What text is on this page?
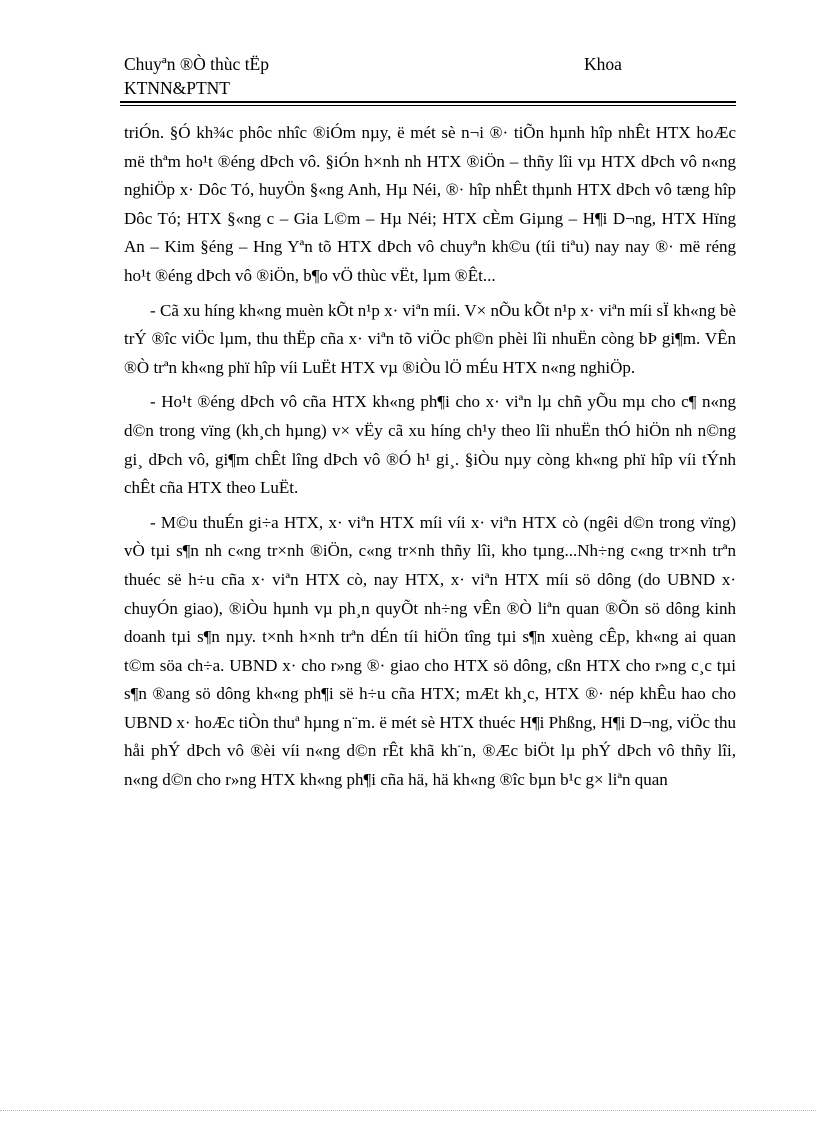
Chuyªn ®Ò thùc tËp
KTNN&PTNT
Khoa

triÓn. §Ó kh¾c phôc nhîc ®iÓm nµy, ë mét sè n¬i ®· tiÕn hµnh hîp nhÊt HTX hoÆc më thªm ho¹t ®éng dÞch vô. §iÓn h×nh nh HTX ®iÖn – thñy lîi vµ HTX dÞch vô n«ng nghiÖp x· Dôc Tó, huyÖn §«ng Anh, Hµ Néi, ®· hîp nhÊt thµnh HTX dÞch vô tæng hîp Dôc Tó; HTX §«ng c – Gia L©m – Hµ Néi; HTX cÈm Giµng – H¶i D¬ng, HTX Hïng An – Kim §éng – Hng Yªn tõ HTX dÞch vô chuyªn kh©u (tíi tiªu) nay nay ®· më réng ho¹t ®éng dÞch vô ®iÖn, b¶o vÖ thùc vËt, lµm ®Êt...

- Cã xu híng kh«ng muèn kÕt n¹p x· viªn míi. V× nÕu kÕt n¹p x· viªn míi sÏ kh«ng bè trÝ ®îc viÖc lµm, thu thËp cña x· viªn tõ viÖc ph©n phèi lîi nhuËn còng bÞ gi¶m. VÊn ®Ò trªn kh«ng phï hîp víi LuËt HTX vµ ®iÒu lÖ mÉu HTX n«ng nghiÖp.

- Ho¹t ®éng dÞch vô cña HTX kh«ng ph¶i cho x· viªn lµ chñ yÕu mµ cho c¶ n«ng d©n trong vïng (kh¸ch hµng) v× vËy cã xu híng ch¹y theo lîi nhuËn thÓ hiÖn nh n©ng gi¸ dÞch vô, gi¶m chÊt lîng dÞch vô ®Ó h¹ gi¸. §iÒu nµy còng kh«ng phï hîp víi tÝnh chÊt cña HTX theo LuËt.

- M©u thuÉn gi÷a HTX, x· viªn HTX míi víi x· viªn HTX cò (ngêi d©n trong vïng) vÒ tµi s¶n nh c«ng tr×nh ®iÖn, c«ng tr×nh thñy lîi, kho tµng...Nh÷ng c«ng tr×nh trªn thuéc së h÷u cña x· viªn HTX cò, nay HTX, x· viªn HTX míi sö dông (do UBND x· chuyÓn giao), ®iÒu hµnh vµ ph¸n quyÕt nh÷ng vÊn ®Ò liªn quan ®Õn sö dông kinh doanh tµi s¶n nµy. t×nh h×nh trªn dÉn tíi hiÖn tîng tµi s¶n xuèng cÊp, kh«ng ai quan t©m söa ch÷a. UBND x· cho r»ng ®· giao cho HTX sö dông, cßn HTX cho r»ng c¸c tµi s¶n ®ang sö dông kh«ng ph¶i së h÷u cña HTX; mÆt kh¸c, HTX ®· nép khÊu hao cho UBND x· hoÆc tiÒn thuª hµng n¨m. ë mét sè HTX thuéc H¶i Phßng, H¶i D¬ng, viÖc thu håi phÝ dÞch vô ®èi víi n«ng d©n rÊt khã kh¨n, ®Æc biÖt lµ phÝ dÞch vô thñy lîi, n«ng d©n cho r»ng HTX kh«ng ph¶i cña hä, hä kh«ng ®îc bµn b¹c g× liªn quan
